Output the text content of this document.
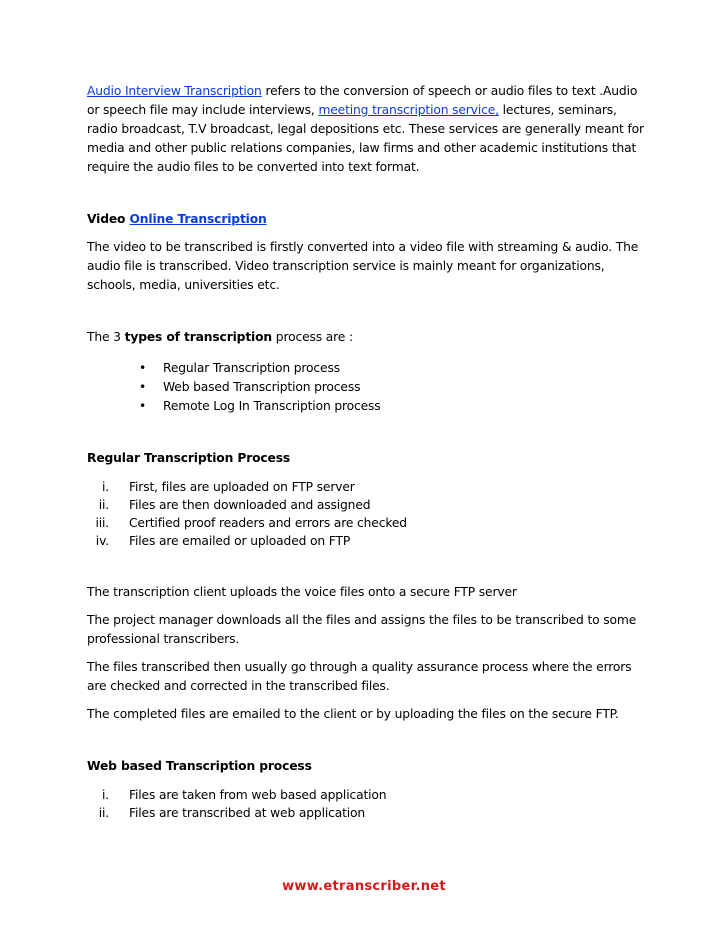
Audio Interview Transcription refers to the conversion of speech or audio files to text .Audio or speech file may include interviews, meeting transcription service, lectures, seminars, radio broadcast, T.V broadcast, legal depositions etc. These services are generally meant for media and other public relations companies, law firms and other academic institutions that require the audio files to be converted into text format.

Video Online Transcription

The video to be transcribed is firstly converted into a video file with streaming & audio. The audio file is transcribed. Video transcription service is mainly meant for organizations, schools, media, universities etc.

The 3 types of transcription process are :

• Regular Transcription process
• Web based Transcription process
• Remote Log In Transcription process

Regular Transcription Process

i. First, files are uploaded on FTP server
ii. Files are then downloaded and assigned
iii. Certified proof readers and errors are checked
iv. Files are emailed or uploaded on FTP

The transcription client uploads the voice files onto a secure FTP server

The project manager downloads all the files and assigns the files to be transcribed to some professional transcribers.

The files transcribed then usually go through a quality assurance process where the errors are checked and corrected in the transcribed files.

The completed files are emailed to the client or by uploading the files on the secure FTP.

Web based Transcription process

i. Files are taken from web based application
ii. Files are transcribed at web application
www.etranscriber.net
